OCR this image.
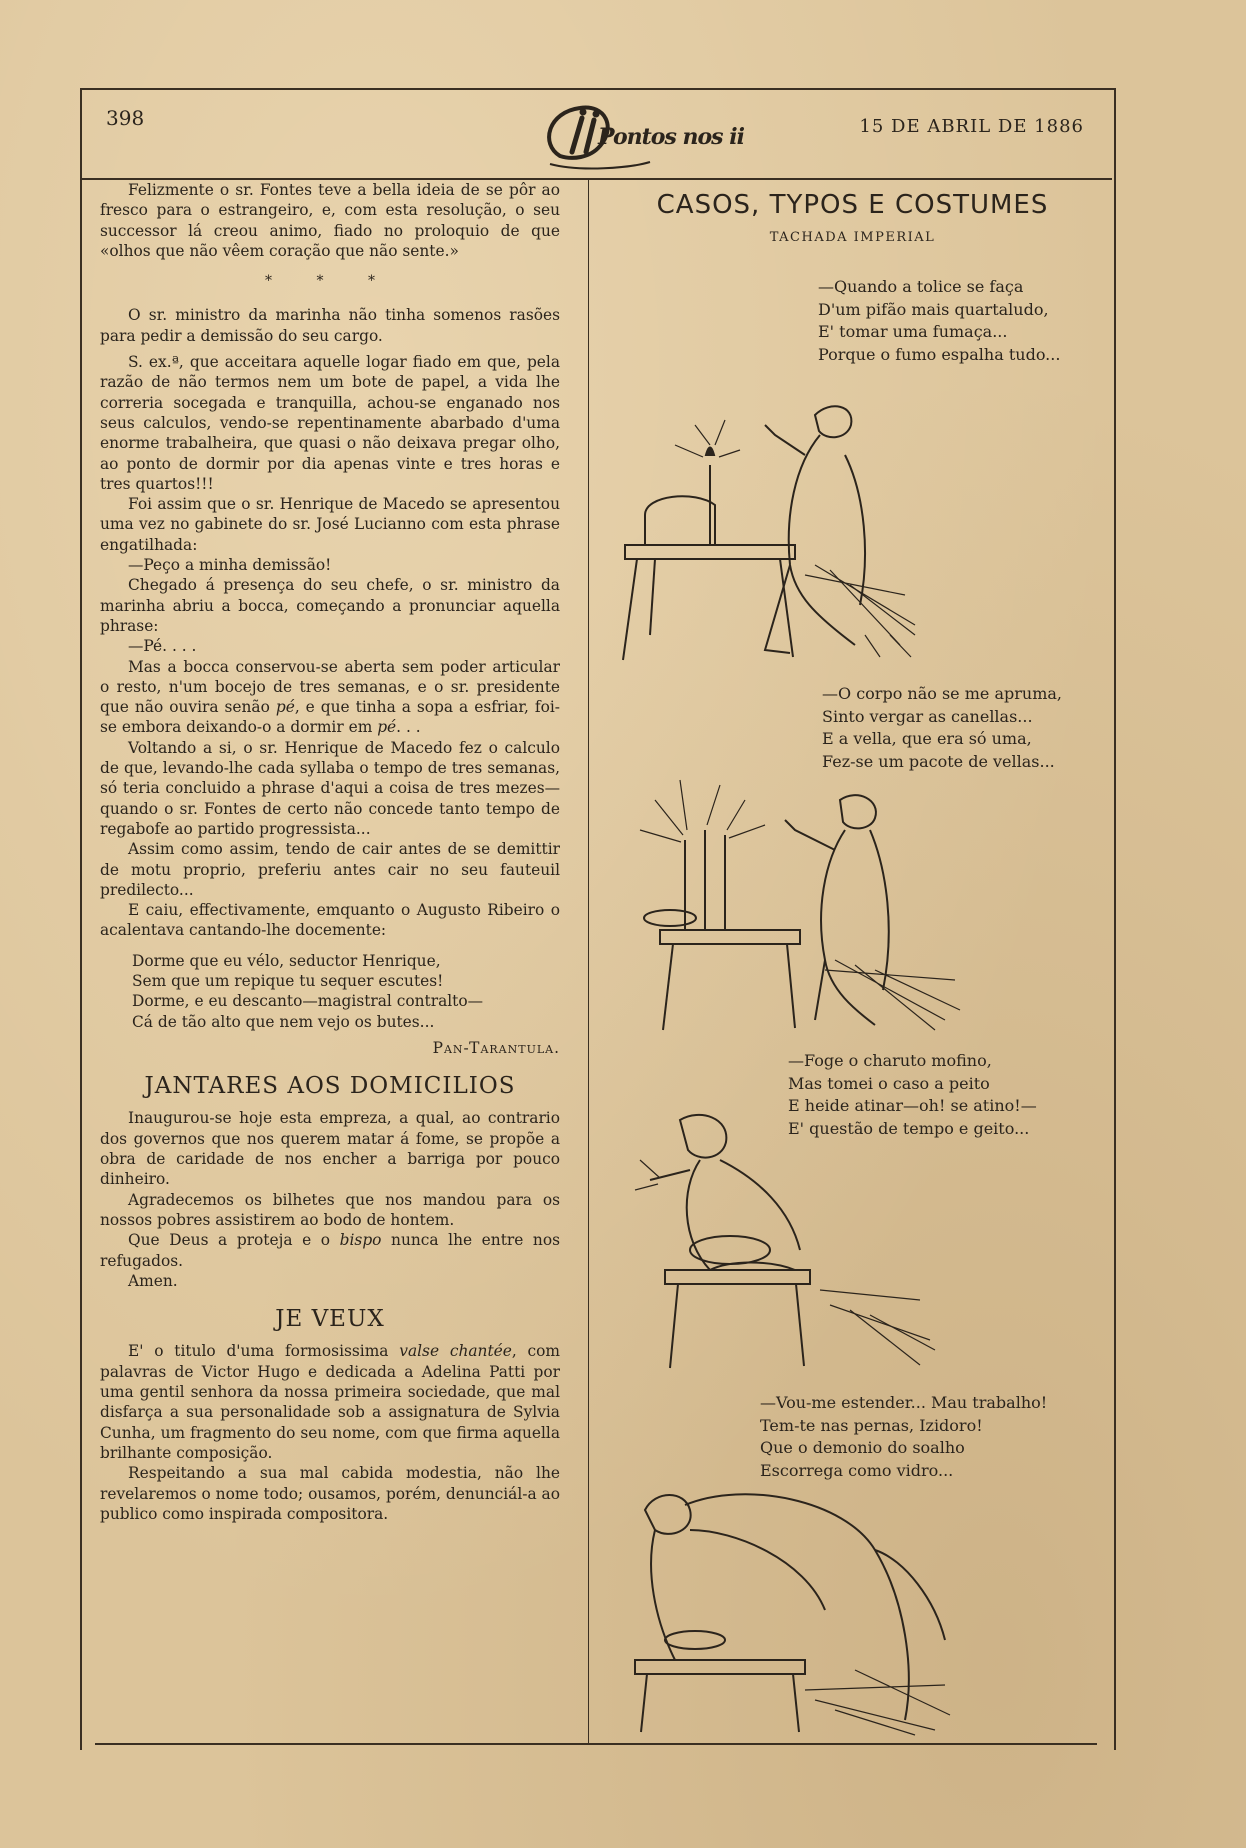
398
Pontos nos ii	15 DE ABRIL DE 1886

Felizmente o sr. Fontes teve a bella ideia de se pôr ao fresco para o estrangeiro, e, com esta resolução, o seu successor lá creou animo, fiado no proloquio de que «olhos que não vêem coração que não sente.»

* * *

O sr. ministro da marinha não tinha somenos rasões para pedir a demissão do seu cargo.

S. ex.ª, que acceitara aquelle logar fiado em que, pela razão de não termos nem um bote de papel, a vida lhe correria socegada e tranquilla, achou-se enganado nos seus calculos, vendo-se repentinamente abarbado d'uma enorme trabalheira, que quasi o não deixava pregar olho, ao ponto de dormir por dia apenas vinte e tres horas e tres quartos!!!

Foi assim que o sr. Henrique de Macedo se apresentou uma vez no gabinete do sr. José Lucianno com esta phrase engatilhada:

—Peço a minha demissão!

Chegado á presença do seu chefe, o sr. ministro da marinha abriu a bocca, começando a pronunciar aquella phrase:

—Pé. . . .

Mas a bocca conservou-se aberta sem poder articular o resto, n'um bocejo de tres semanas, e o sr. presidente que não ouvira senão pé, e que tinha a sopa a esfriar, foi-se embora deixando-o a dormir em pé. . .

Voltando a si, o sr. Henrique de Macedo fez o calculo de que, levando-lhe cada syllaba o tempo de tres semanas, só teria concluido a phrase d'aqui a coisa de tres mezes—quando o sr. Fontes de certo não concede tanto tempo de regabofe ao partido progressista...

Assim como assim, tendo de cair antes de se demittir de motu proprio, preferiu antes cair no seu fauteuil predilecto...

E caiu, effectivamente, emquanto o Augusto Ribeiro o acalentava cantando-lhe docemente:

Dorme que eu vélo, seductor Henrique,
Sem que um repique tu sequer escutes!
Dorme, e eu descanto—magistral contralto—
Cá de tão alto que nem vejo os butes...

Pan-Tarantula.

JANTARES AOS DOMICILIOS

Inaugurou-se hoje esta empreza, a qual, ao contrario dos governos que nos querem matar á fome, se propõe a obra de caridade de nos encher a barriga por pouco dinheiro.

Agradecemos os bilhetes que nos mandou para os nossos pobres assistirem ao bodo de hontem.

Que Deus a proteja e o bispo nunca lhe entre nos refugados.

Amen.

JE VEUX

E' o titulo d'uma formosissima valse chantée, com palavras de Victor Hugo e dedicada a Adelina Patti por uma gentil senhora da nossa primeira sociedade, que mal disfarça a sua personalidade sob a assignatura de Sylvia Cunha, um fragmento do seu nome, com que firma aquella brilhante composição.

Respeitando a sua mal cabida modestia, não lhe revelaremos o nome todo; ousamos, porém, denunciál-a ao publico como inspirada compositora.

CASOS, TYPOS E COSTUMES
TACHADA IMPERIAL
—Quando a tolice se faça
D'um pifão mais quartaludo,
E' tomar uma fumaça...
Porque o fumo espalha tudo...
—O corpo não se me apruma,
Sinto vergar as canellas...
E a vella, que era só uma,
Fez-se um pacote de vellas...
—Foge o charuto mofino,
Mas tomei o caso a peito
E heide atinar—oh! se atino!—
E' questão de tempo e geito...
—Vou-me estender... Mau trabalho!
Tem-te nas pernas, Izidoro!
Que o demonio do soalho
Escorrega como vidro...
